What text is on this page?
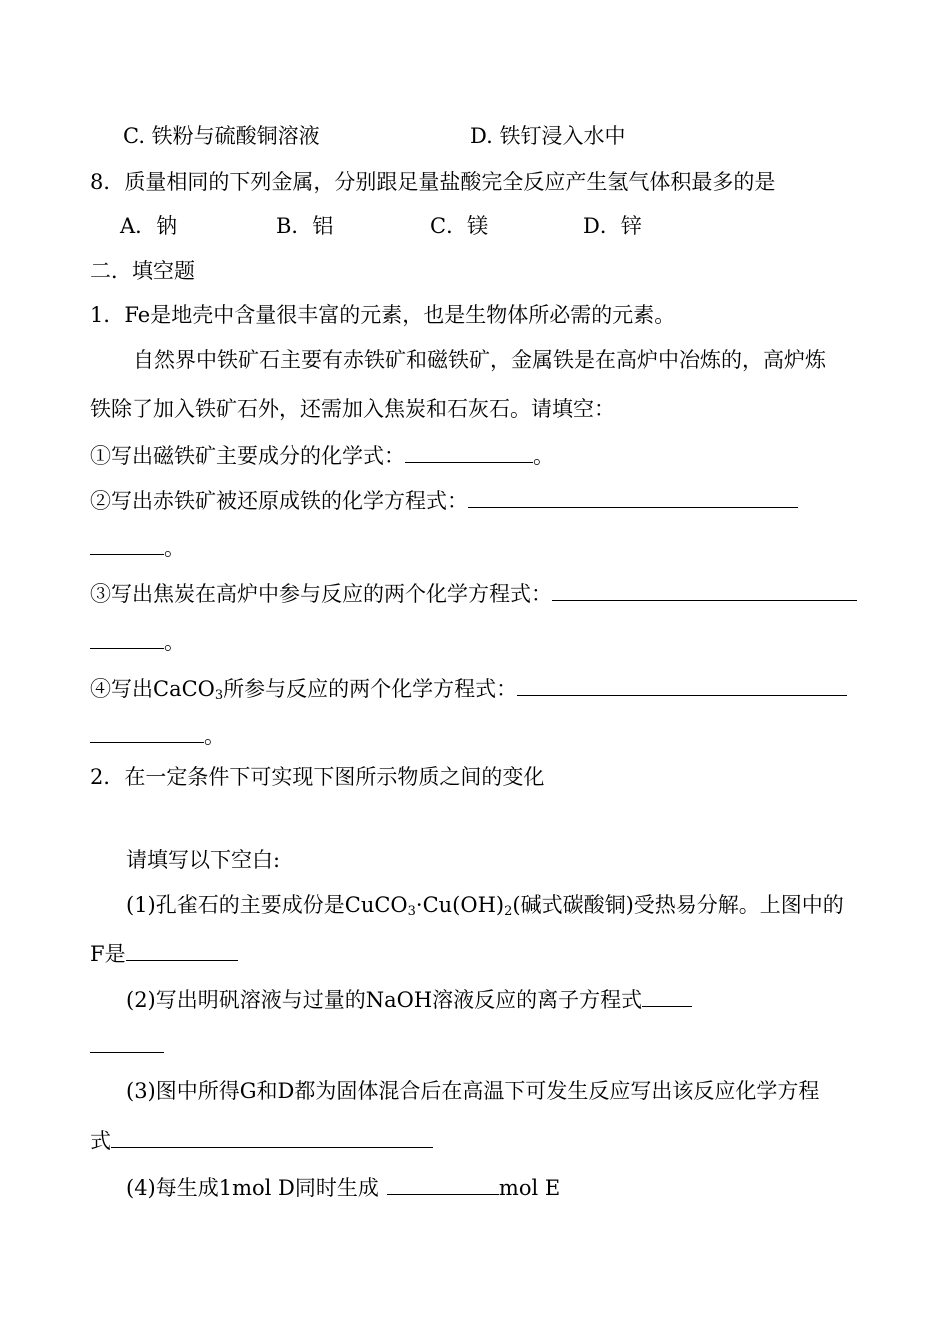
C. 铁粉与硫酸铜溶液	D. 铁钉浸入水中
8．质量相同的下列金属，分别跟足量盐酸完全反应产生氢气体积最多的是
A．钠	B．铝	C．镁	D．锌
二．填空题
1．Fe是地壳中含量很丰富的元素，也是生物体所必需的元素。
自然界中铁矿石主要有赤铁矿和磁铁矿，金属铁是在高炉中冶炼的，高炉炼
铁除了加入铁矿石外，还需加入焦炭和石灰石。请填空：
①写出磁铁矿主要成分的化学式：	。
②写出赤铁矿被还原成铁的化学方程式：
。
③写出焦炭在高炉中参与反应的两个化学方程式：
。
④写出CaCO$_3$所参与反应的两个化学方程式：
。
2．在一定条件下可实现下图所示物质之间的变化
请填写以下空白:
(1)孔雀石的主要成份是$CuCO_3\cdot Cu(OH)_2$(碱式碳酸铜)受热易分解。上图中的
F是
(2)写出明矾溶液与过量的NaOH溶液反应的离子方程式
(3)图中所得G和D都为固体混合后在高温下可发生反应写出该反应化学方程
式
(4)每生成1mol D同时生成	mol E
